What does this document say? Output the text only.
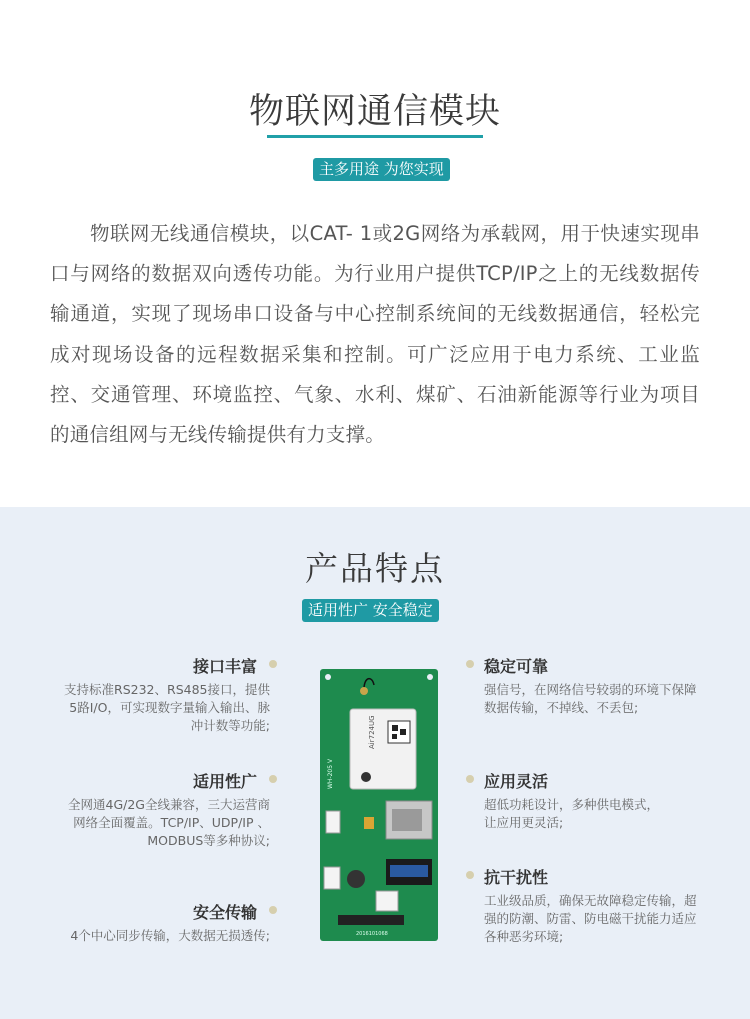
物联网通信模块
主多用途 为您实现

物联网无线通信模块，以CAT- 1或2G网络为承载网，用于快速实现串口与网络的数据双向透传功能。为行业用户提供TCP/IP之上的无线数据传输通道，实现了现场串口设备与中心控制系统间的无线数据通信，轻松完成对现场设备的远程数据采集和控制。可广泛应用于电力系统、工业监控、交通管理、环境监控、气象、水利、煤矿、石油新能源等行业为项目的通信组网与无线传输提供有力支撑。

产品特点
适用性广 安全稳定
接口丰富
支持标准RS232、RS485接口，提供
5路I/O，可实现数字量输入输出、脉
冲计数等功能;
适用性广
全网通4G/2G全线兼容，三大运营商
网络全面覆盖。TCP/IP、UDP/IP 、
MODBUS等多种协议;
安全传输
4个中心同步传输，大数据无损透传;
稳定可靠
强信号，在网络信号较弱的环境下保障
数据传输，不掉线、不丢包;
应用灵活
超低功耗设计，多种供电模式，
让应用更灵活;
抗干扰性
工业级品质，确保无故障稳定传输，超
强的防潮、防雷、防电磁干扰能力适应
各种恶劣环境;
Air724UG
WH-205 V
2016101068
